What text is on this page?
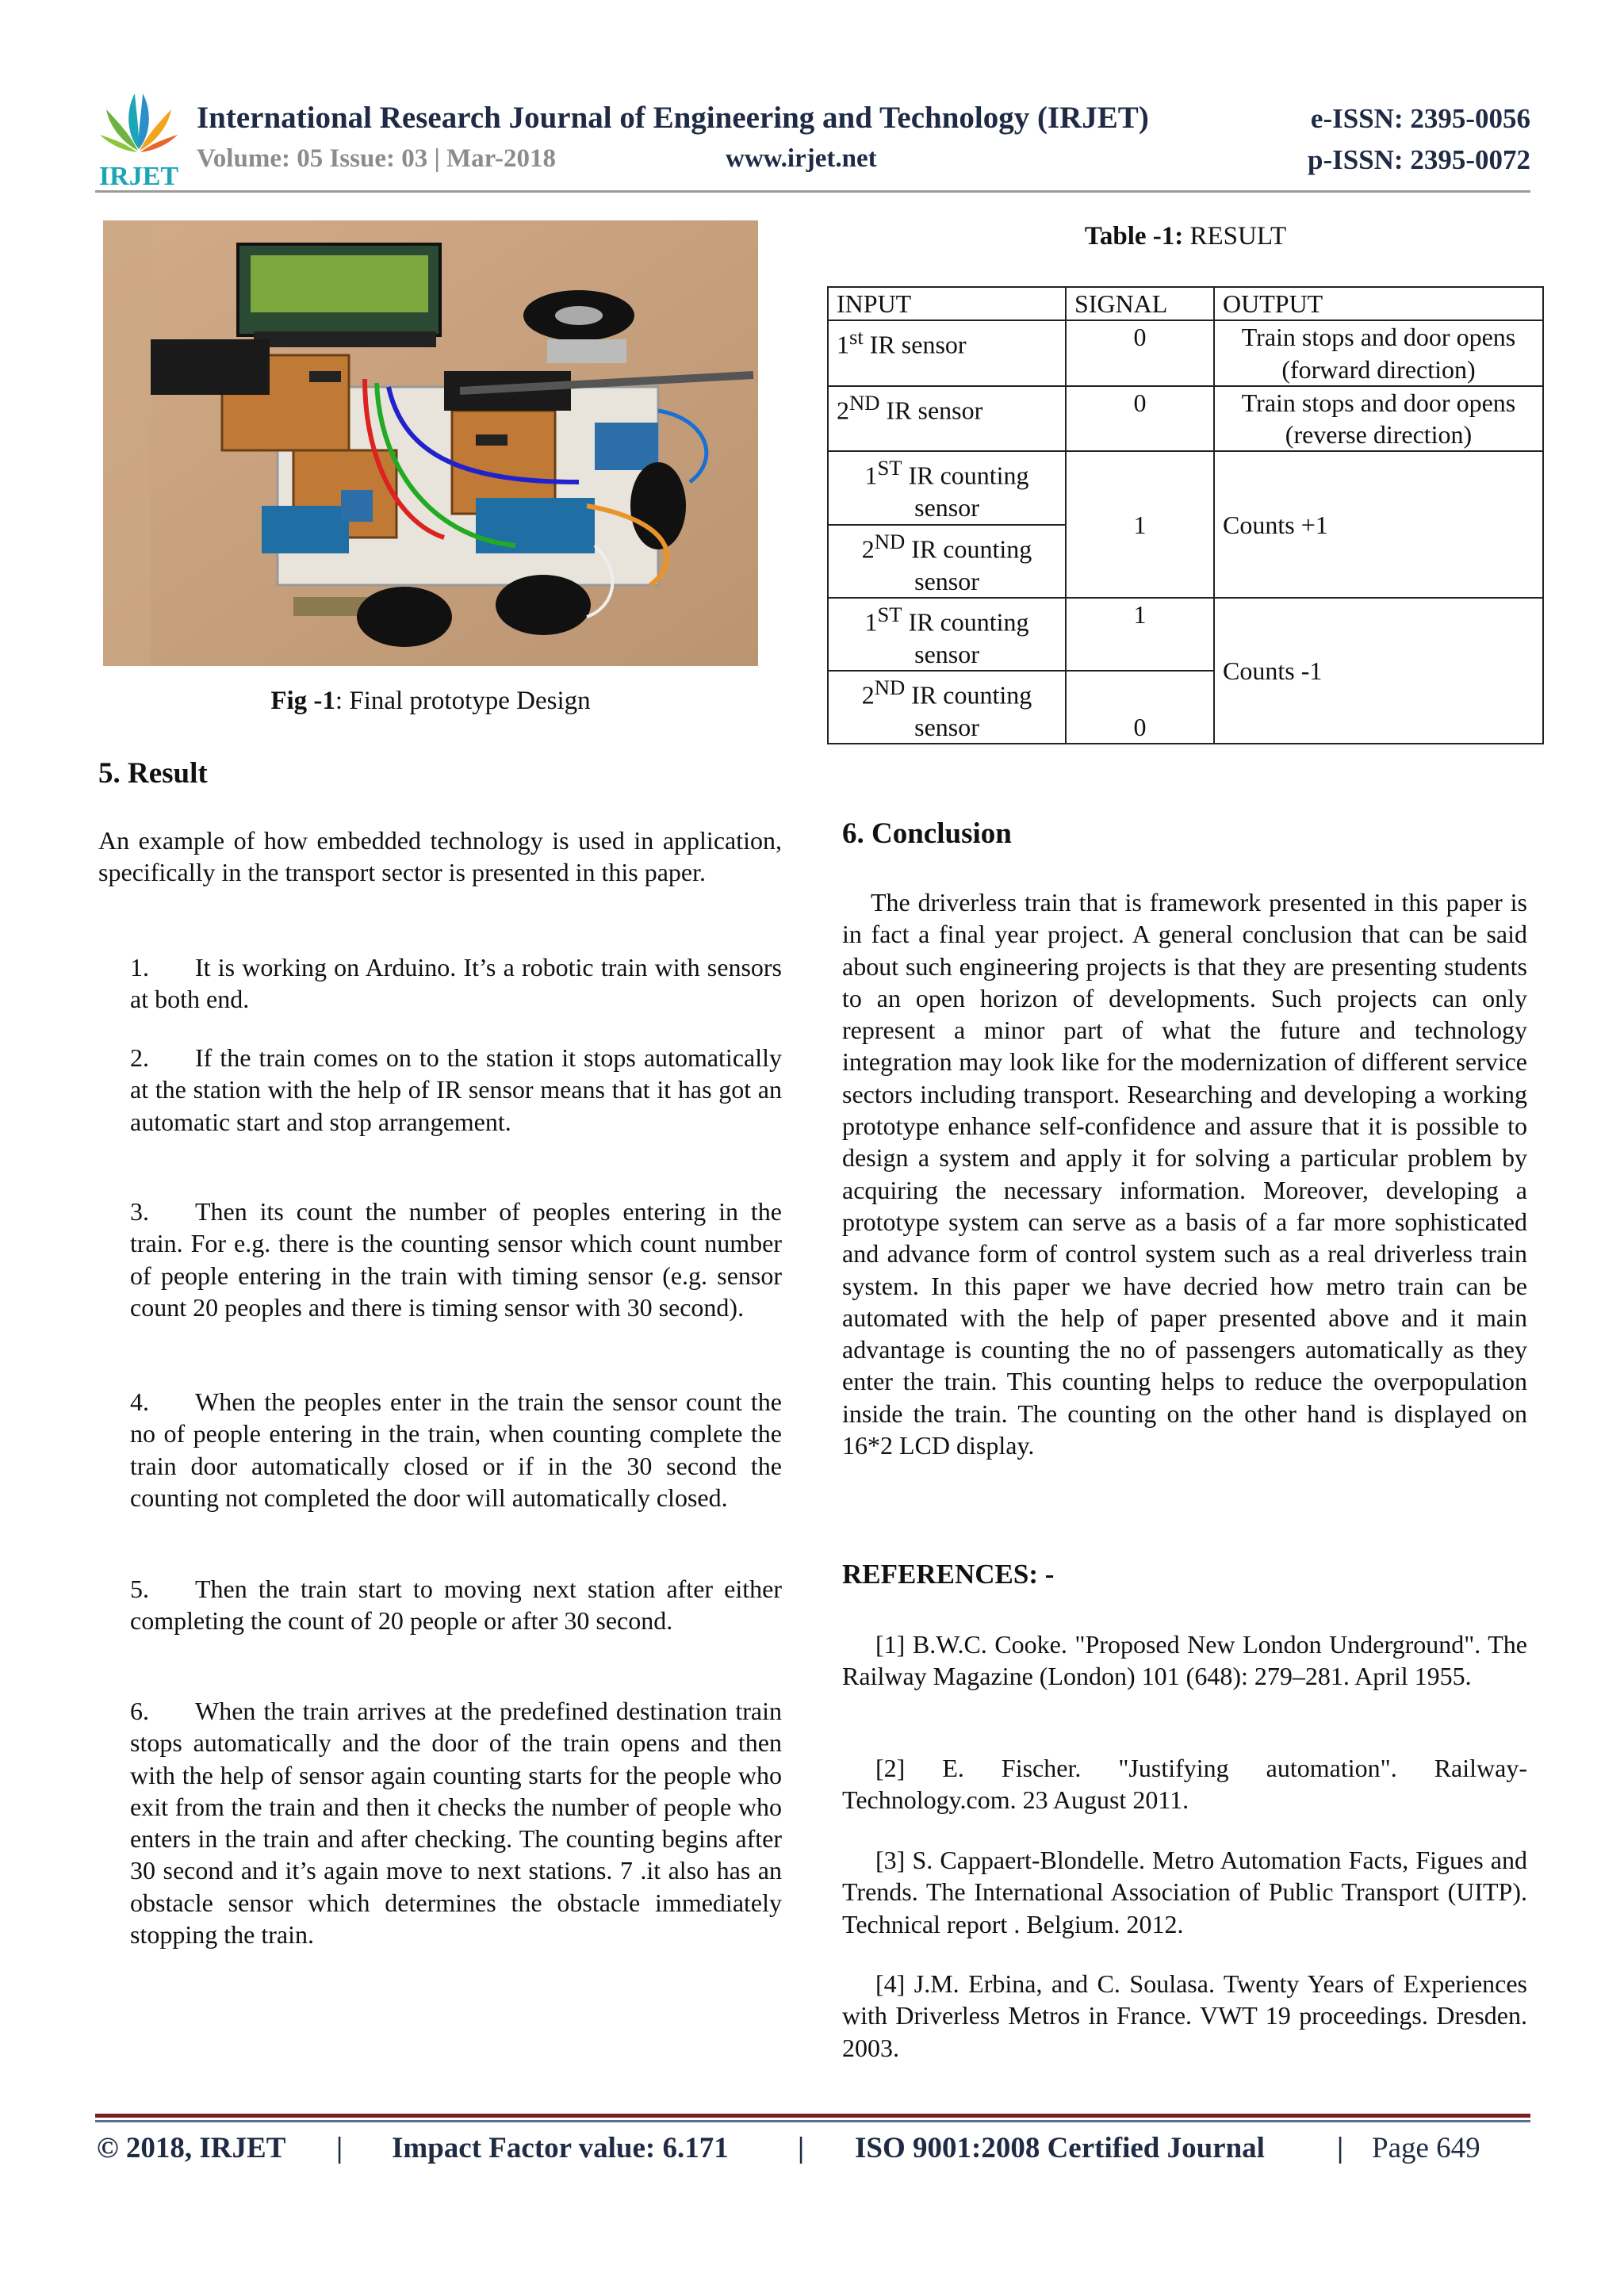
IRJET
International Research Journal of Engineering and Technology (IRJET)	e-ISSN: 2395-0056
Volume: 05 Issue: 03 | Mar-2018	www.irjet.net	p-ISSN: 2395-0072
Fig -1: Final prototype Design
5. Result
An example of how embedded technology is used in application, specifically in the transport sector is presented in this paper.
1. It is working on Arduino. It’s a robotic train with sensors at both end.
2. If the train comes on to the station it stops automatically at the station with the help of IR sensor means that it has got an automatic start and stop arrangement.
3. Then its count the number of peoples entering in the train. For e.g. there is the counting sensor which count number of people entering in the train with timing sensor (e.g. sensor count 20 peoples and there is timing sensor with 30 second).
4. When the peoples enter in the train the sensor count the no of people entering in the train, when counting complete the train door automatically closed or if in the 30 second the counting not completed the door will automatically closed.
5. Then the train start to moving next station after either completing the count of 20 people or after 30 second.
6. When the train arrives at the predefined destination train stops automatically and the door of the train opens and then with the help of sensor again counting starts for the people who exit from the train and then it checks the number of people who enters in the train and after checking. The counting begins after 30 second and it’s again move to next stations. 7 .it also has an obstacle sensor which determines the obstacle immediately stopping the train.
Table -1: RESULT
INPUT	SIGNAL	OUTPUT
1st IR sensor	0	Train stops and door opens (forward direction)
2ND IR sensor	0	Train stops and door opens (reverse direction)
1ST IR counting sensor	1	Counts +1
2ND IR counting sensor		
1ST IR counting sensor	1	Counts -1
2ND IR counting sensor	0	
6. Conclusion
The driverless train that is framework presented in this paper is in fact a final year project. A general conclusion that can be said about such engineering projects is that they are presenting students to an open horizon of developments. Such projects can only represent a minor part of what the future and technology integration may look like for the modernization of different service sectors including transport. Researching and developing a working prototype enhance self-confidence and assure that it is possible to design a system and apply it for solving a particular problem by acquiring the necessary information. Moreover, developing a prototype system can serve as a basis of a far more sophisticated and advance form of control system such as a real driverless train system. In this paper we have decried how metro train can be automated with the help of paper presented above and it main advantage is counting the no of passengers automatically as they enter the train. This counting helps to reduce the overpopulation inside the train. The counting on the other hand is displayed on 16*2 LCD display.
REFERENCES: -
[1] B.W.C. Cooke. "Proposed New London Underground". The Railway Magazine (London) 101 (648): 279–281. April 1955.
[2] E. Fischer. "Justifying automation". Railway-Technology.com. 23 August 2011.
[3] S. Cappaert-Blondelle. Metro Automation Facts, Figues and Trends. The International Association of Public Transport (UITP). Technical report . Belgium. 2012.
[4] J.M. Erbina, and C. Soulasa. Twenty Years of Experiences with Driverless Metros in France. VWT 19 proceedings. Dresden. 2003.
© 2018, IRJET | Impact Factor value: 6.171 | ISO 9001:2008 Certified Journal | Page 649
